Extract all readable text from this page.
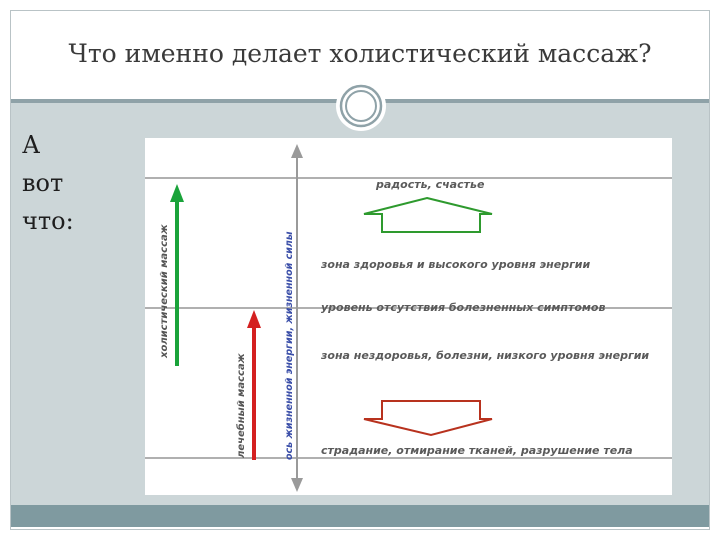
Что именно делает холистический массаж?
А
вот
что:
радость, счастье
зона здоровья и высокого уровня энергии
уровень отсутствия болезненных симптомов
зона нездоровья, болезни, низкого уровня энергии
страдание, отмирание тканей, разрушение тела
холистический массаж
лечебный массаж	ось жизненной энергии, жизненной силы
